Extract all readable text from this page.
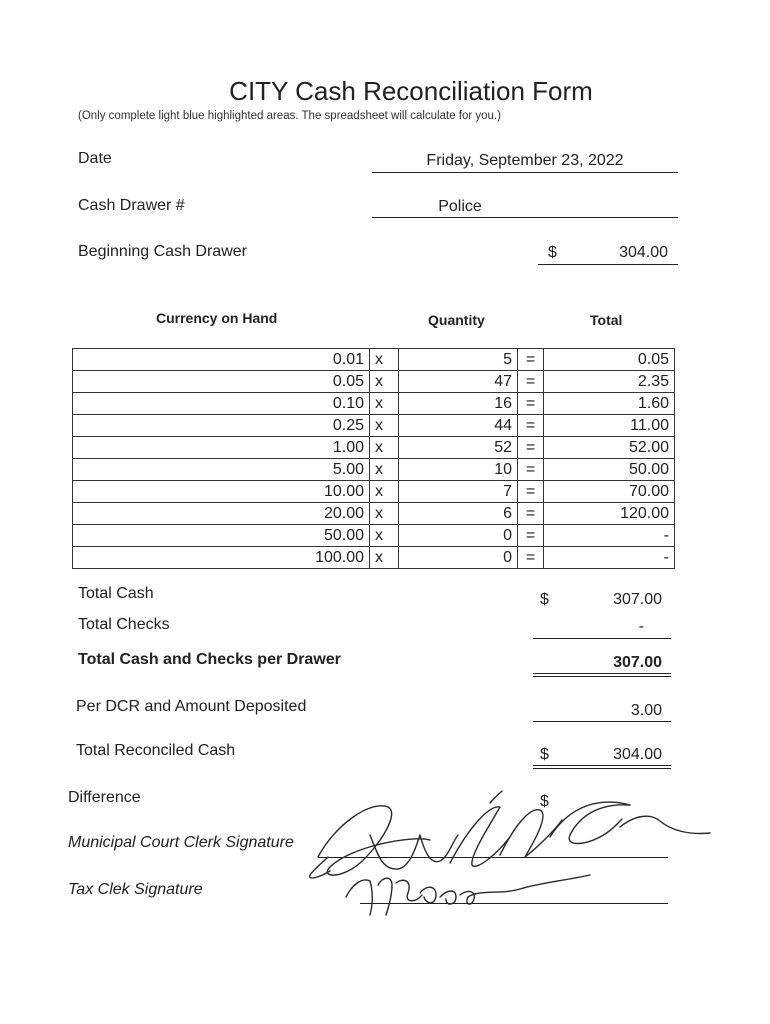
CITY Cash Reconciliation Form
(Only complete light blue highlighted areas. The spreadsheet will calculate for you.)
Date	Friday, September 23, 2022
Cash Drawer #	Police
Beginning Cash Drawer	$	304.00
Currency on Hand	Quantity	Total
0.01	x	5	=	0.05
0.05	x	47	=	2.35
0.10	x	16	=	1.60
0.25	x	44	=	11.00
1.00	x	52	=	52.00
5.00	x	10	=	50.00
10.00	x	7	=	70.00
20.00	x	6	=	120.00
50.00	x	0	=	-
100.00	x	0	=	-
Total Cash	$	307.00
Total Checks	-
Total Cash and Checks per Drawer	307.00
Per DCR and Amount Deposited	3.00
Total Reconciled Cash	$	304.00
Difference	$
Municipal Court Clerk Signature
Tax Clek Signature
